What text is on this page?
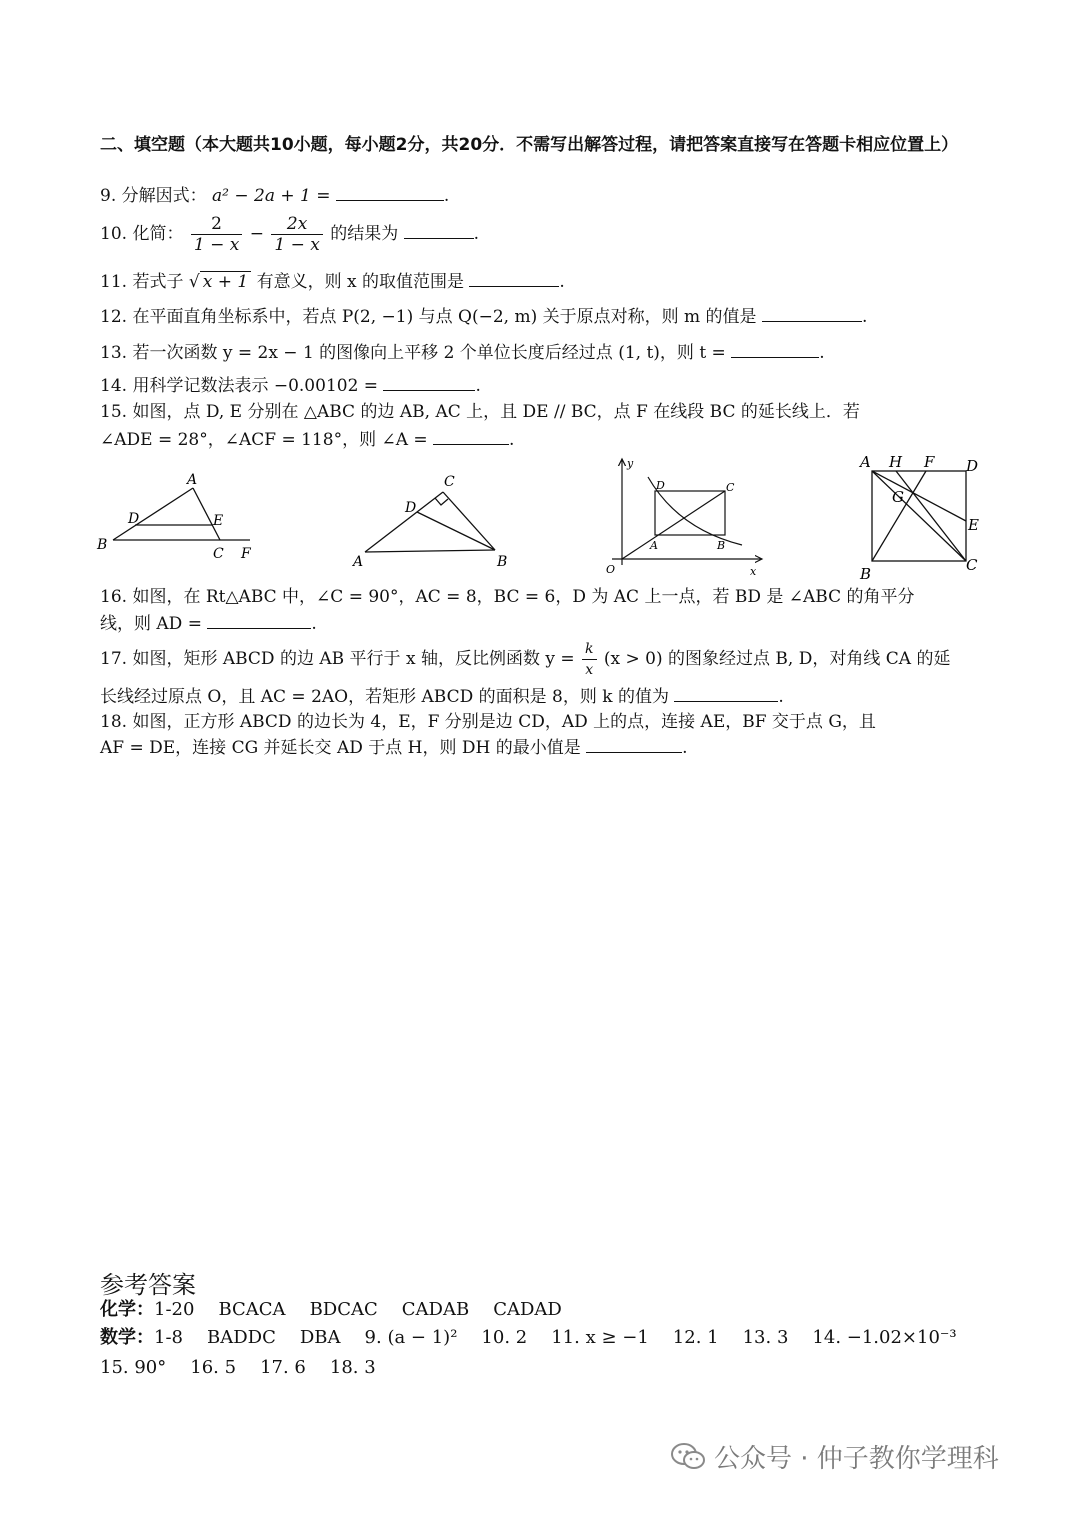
二、填空题（本大题共10小题，每小题2分，共20分．不需写出解答过程，请把答案直接写在答题卡相应位置上）
9. 分解因式： a² − 2a + 1 =	.
10. 化简： $\frac{2}{1 - x} - \frac{2x}{1 - x}$ 的结果为	.
11. 若式子 √ x + 1 有意义，则 x 的取值范围是	.
12. 在平面直角坐标系中，若点 P(2, −1) 与点 Q(−2, m) 关于原点对称，则 m 的值是	.
13. 若一次函数 y = 2x − 1 的图像向上平移 2 个单位长度后经过点 (1, t)，则 t =	.
14. 用科学记数法表示 −0.00102 =	.
15. 如图，点 D, E 分别在 △ABC 的边 AB, AC 上，且 DE // BC，点 F 在线段 BC 的延长线上．若
∠ADE = 28°，∠ACF = 118°，则 ∠A =	.
A
B
C
D	E
F
C
A	B
D
y
x
O
A	B
C
D
A H F D
G
E
C
B
16. 如图，在 Rt△ABC 中，∠C = 90°，AC = 8，BC = 6，D 为 AC 上一点，若 BD 是 ∠ABC 的角平分
线，则 AD =	.
17. 如图，矩形 ABCD 的边 AB 平行于 x 轴，反比例函数 $y = \frac{k}{x} (x > 0)$ 的图象经过点 B, D，对角线 CA 的延
长线经过原点 O，且 AC = 2AO，若矩形 ABCD 的面积是 8，则 k 的值为	.
18. 如图，正方形 ABCD 的边长为 4，E，F 分别是边 CD，AD 上的点，连接 AE，BF 交于点 G，且
AF = DE，连接 CG 并延长交 AD 于点 H，则 DH 的最小值是	.
参考答案
化学：1-20 BCACA BDCAC CADAB CADAD
数学：1-8 BADDC DBA 9. (a − 1)² 10. 2 11. x ≥ −1 12. 1 13. 3 14. −1.02×10⁻³
15. 90° 16. 5 17. 6 18. 3
公众号 · 仲子教你学理科
